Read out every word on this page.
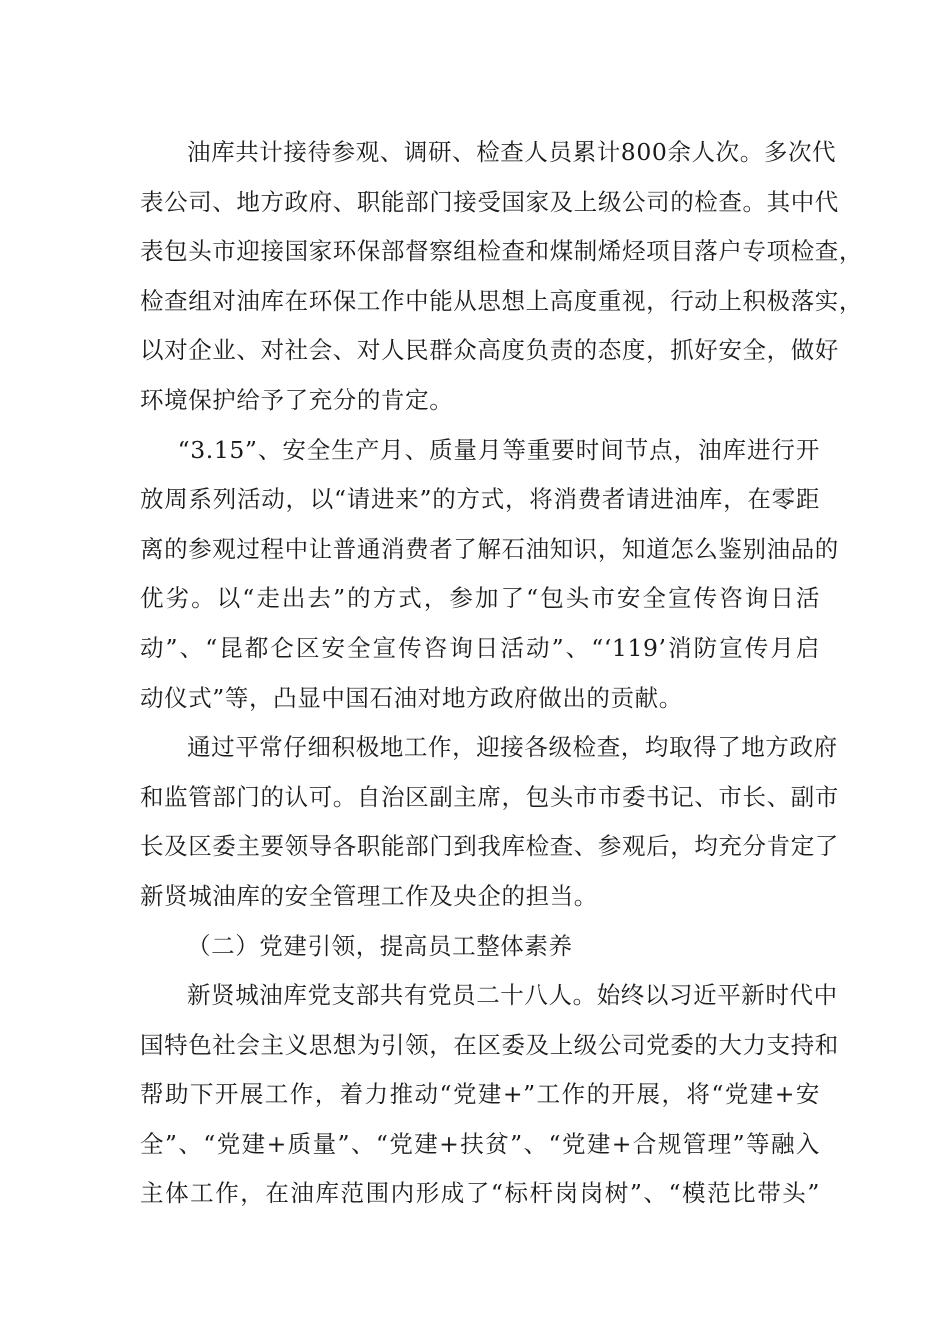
油库共计接待参观、调研、检查人员累计800余人次。多次代
表公司、地方政府、职能部门接受国家及上级公司的检查。其中代
表包头市迎接国家环保部督察组检查和煤制烯烃项目落户专项检查，
检查组对油库在环保工作中能从思想上高度重视，行动上积极落实，
以对企业、对社会、对人民群众高度负责的态度，抓好安全，做好
环境保护给予了充分的肯定。
“3.15”、安全生产月、质量月等重要时间节点，油库进行开
放周系列活动，以“请进来”的方式，将消费者请进油库，在零距
离的参观过程中让普通消费者了解石油知识，知道怎么鉴别油品的
优劣。以“走出去”的方式，参加了“包头市安全宣传咨询日活
动”、“昆都仑区安全宣传咨询日活动”、“‘119’消防宣传月启
动仪式”等，凸显中国石油对地方政府做出的贡献。
通过平常仔细积极地工作，迎接各级检查，均取得了地方政府
和监管部门的认可。自治区副主席，包头市市委书记、市长、副市
长及区委主要领导各职能部门到我库检查、参观后，均充分肯定了
新贤城油库的安全管理工作及央企的担当。
（二）党建引领，提高员工整体素养
新贤城油库党支部共有党员二十八人。始终以习近平新时代中
国特色社会主义思想为引领，在区委及上级公司党委的大力支持和
帮助下开展工作，着力推动“党建+”工作的开展，将“党建+安
全”、“党建+质量”、“党建+扶贫”、“党建+合规管理”等融入
主体工作，在油库范围内形成了“标杆岗岗树”、“模范比带头”
